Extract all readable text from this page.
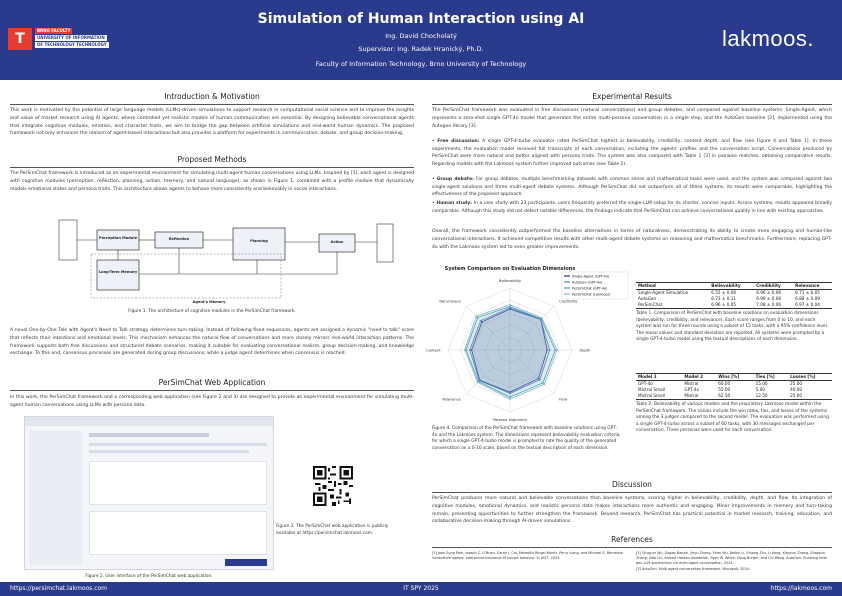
T
BRNO FACULTY
UNIVERSITY OF INFORMATION
OF TECHNOLOGY TECHNOLOGY
Simulation of Human Interaction using AI
Ing. David Chocholatý
Supervisor: Ing. Radek Hranický, Ph.D.
Faculty of Information Technology, Brno University of Technology
lakmoos.
Introduction & Motivation
This work is motivated by the potential of large language models (LLMs)-driven simulations to support research in computational social science and to improve the insights and value of market research using AI agents, where controlled yet realistic models of human communication are essential. By designing believable conversational agents that integrate cognitive modules, emotion, and character traits, we aim to bridge the gap between artificial simulations and real-world human dynamics. The proposed framework not only enhances the realism of agent-based interactions but also provides a platform for experiments in communication, debate, and group decision-making.
Proposed Methods
The PerSimChat framework is introduced as an experimental environment for simulating multi-agent human conversations using LLMs. Inspired by [1], each agent is designed with cognitive modules (perception, reflection, planning, action, memory, and natural language), as shown in Figure 1, combined with a profile module that dynamically models emotional states and persona traits. This architecture allows agents to behave more consistently and believably in social interactions.
Perception Module	Reflection	Planning	Action
Long-Term Memory
Agent's Memory
Figure 1. The architecture of cognitive modules in the PerSimChat framework.
A novel One-by-One Talk with Agent's Need to Talk strategy determines turn-taking. Instead of following fixed sequences, agents are assigned a dynamic "need to talk" score that reflects their intentions and emotional levels. This mechanism enhances the natural flow of conversations and more closely mirrors real-world interaction patterns. The framework supports both free discussions and structured debate scenarios, making it suitable for evaluating conversational realism, group decision-making, and knowledge exchange. To this end, consensus processes are generated during group discussions, while a judge agent determines when consensus is reached.
PerSimChat Web Application
In this work, the PerSimChat framework and a corresponding web application (see Figure 2 and 3) are designed to provide an experimental environment for simulating multi-agent human conversations using LLMs with persona data.
Figure 2. User interface of the PerSimChat web application.
Figure 3. The PerSimChat web application is publicly available at https://persimchat.lakmoos.com.
Experimental Results
The PerSimChat framework was evaluated in free discussions (natural conversations) and group debates, and compared against baseline systems: Single-Agent, which represents a zero-shot single GPT-4o model that generates the entire multi-persona conversation in a single step, and the AutoGen baseline [2], implemented using the Autogen library [3].
• Free discussion: A single GPT-4-turbo evaluator rated PerSimChat highest in believability, credibility, content depth, and flow (see Figure 4 and Table 1). In these experiments, the evaluation model received full transcripts of each conversation, including the agents' profiles and the conversation script. Conversations produced by PerSimChat were more natural and better aligned with persona traits. The system was also compared with Table 1 [3] in pairwise matches, obtaining comparative results. Regarding models with the Lakmoos system further improved outcomes (see Table 2).
• Group debate: For group debates, multiple benchmarking datasets with common sense and mathematical tasks were used, and the system was compared against two single-agent solutions and three multi-agent debate systems. Although PerSimChat did not outperform all of these systems, its results were comparable, highlighting the effectiveness of the proposed approach.
• Human study: In a user study with 23 participants, users frequently preferred the single-LLM setup for its shorter, concise inputs. Across systems, results appeared broadly comparable. Although this study did not detect notable differences, the findings indicate that PerSimChat can achieve conversational quality in line with existing approaches.
Overall, the framework consistently outperformed the baseline alternatives in terms of naturalness, demonstrating its ability to create more engaging and human-like conversational interactions. It achieved competitive results with other multi-agent debate systems on reasoning and mathematics benchmarks. Furthermore, replacing GPT-4o with the Lakmoos system led to even greater improvements.
System Comparison on Evaluation Dimensions
Believability
Credibility
Depth
Flow
Persona Alignment
Relevance
Content
Naturalness
Single-Agent (GPT-4o)
AutoGen (GPT-4o)
PerSimChat (GPT-4o)
PerSimChat (Lakmoos)
Figure 4. Comparison of the PerSimChat framework with baseline solutions using GPT-4o and the Lakmoos system. The dimensions represent believability evaluation criteria, for which a single GPT-4-turbo model is prompted to rate the quality of the generated conversation on a 0-10 scale, based on the textual description of each dimension.
Method	Believability	Credibility	Relevance
Single-Agent Simulation	6.55 ± 0.06	6.96 ± 0.06	6.71 ± 0.05
AutoGen	6.73 ± 0.11	6.99 ± 0.08	6.88 ± 0.09
PerSimChat	6.96 ± 0.05	7.08 ± 0.06	6.97 ± 0.04
Table 1. Comparison of PerSimChat with baseline solutions on evaluation dimensions (believability, credibility, and relevance). Each score ranges from 0 to 10, and each system was run for three rounds using a subset of 15 tasks, with a 95% confidence level. The mean values and standard deviation are reported. All systems were prompted by a single GPT-4-turbo model using the textual descriptions of each dimension.
Model 1	Model 2	Wins [%]	Ties [%]	Losses [%]
GPT-4o	Mistral	60.00	15.00	25.00
Mistral Small	GPT-4o	55.00	5.00	40.00
Mistral Small	Mistral	62.50	12.50	25.00
Table 2. Believability of various models and the proprietary Lakmoos model within the PerSimChat framework. The values include the win rates, ties, and losses of the systems among the 3 judges compared to the second model. The evaluation was performed using a single GPT-4-turbo across a subset of 60 tasks, with 30 messages exchanged per conversation. Three personas were used for each conversation.
Discussion
PerSimChat produces more natural and believable conversations than baseline systems, scoring higher in believability, credibility, depth, and flow. Its integration of cognitive modules, emotional dynamics, and realistic persona data makes interactions more authentic and engaging. Minor improvements in memory and turn-taking remain, presenting opportunities to further strengthen the framework. Beyond research, PerSimChat has practical potential in market research, training, education, and collaborative decision-making through AI-driven simulations.
References
[1] Joon Sung Park, Joseph C. O'Brien, Carrie J. Cai, Meredith Ringel Morris, Percy Liang, and Michael S. Bernstein. Generative agents: Interactive simulacra of human behavior. In UIST, 2023.
[2] Qingyun Wu, Gagan Bansal, Jieyu Zhang, Yiran Wu, Beibin Li, Erkang Zhu, Li Jiang, Xiaoyun Zhang, Shaokun Zhang, Jiale Liu, Ahmed Hassan Awadallah, Ryen W. White, Doug Burger, and Chi Wang. AutoGen: Enabling next-gen LLM applications via multi-agent conversation, 2023.
[3] AutoGen. Multi-agent conversation framework. Microsoft, 2024.
https://persimchat.lakmoos.com	IT SPY 2025	https://lakmoos.com
